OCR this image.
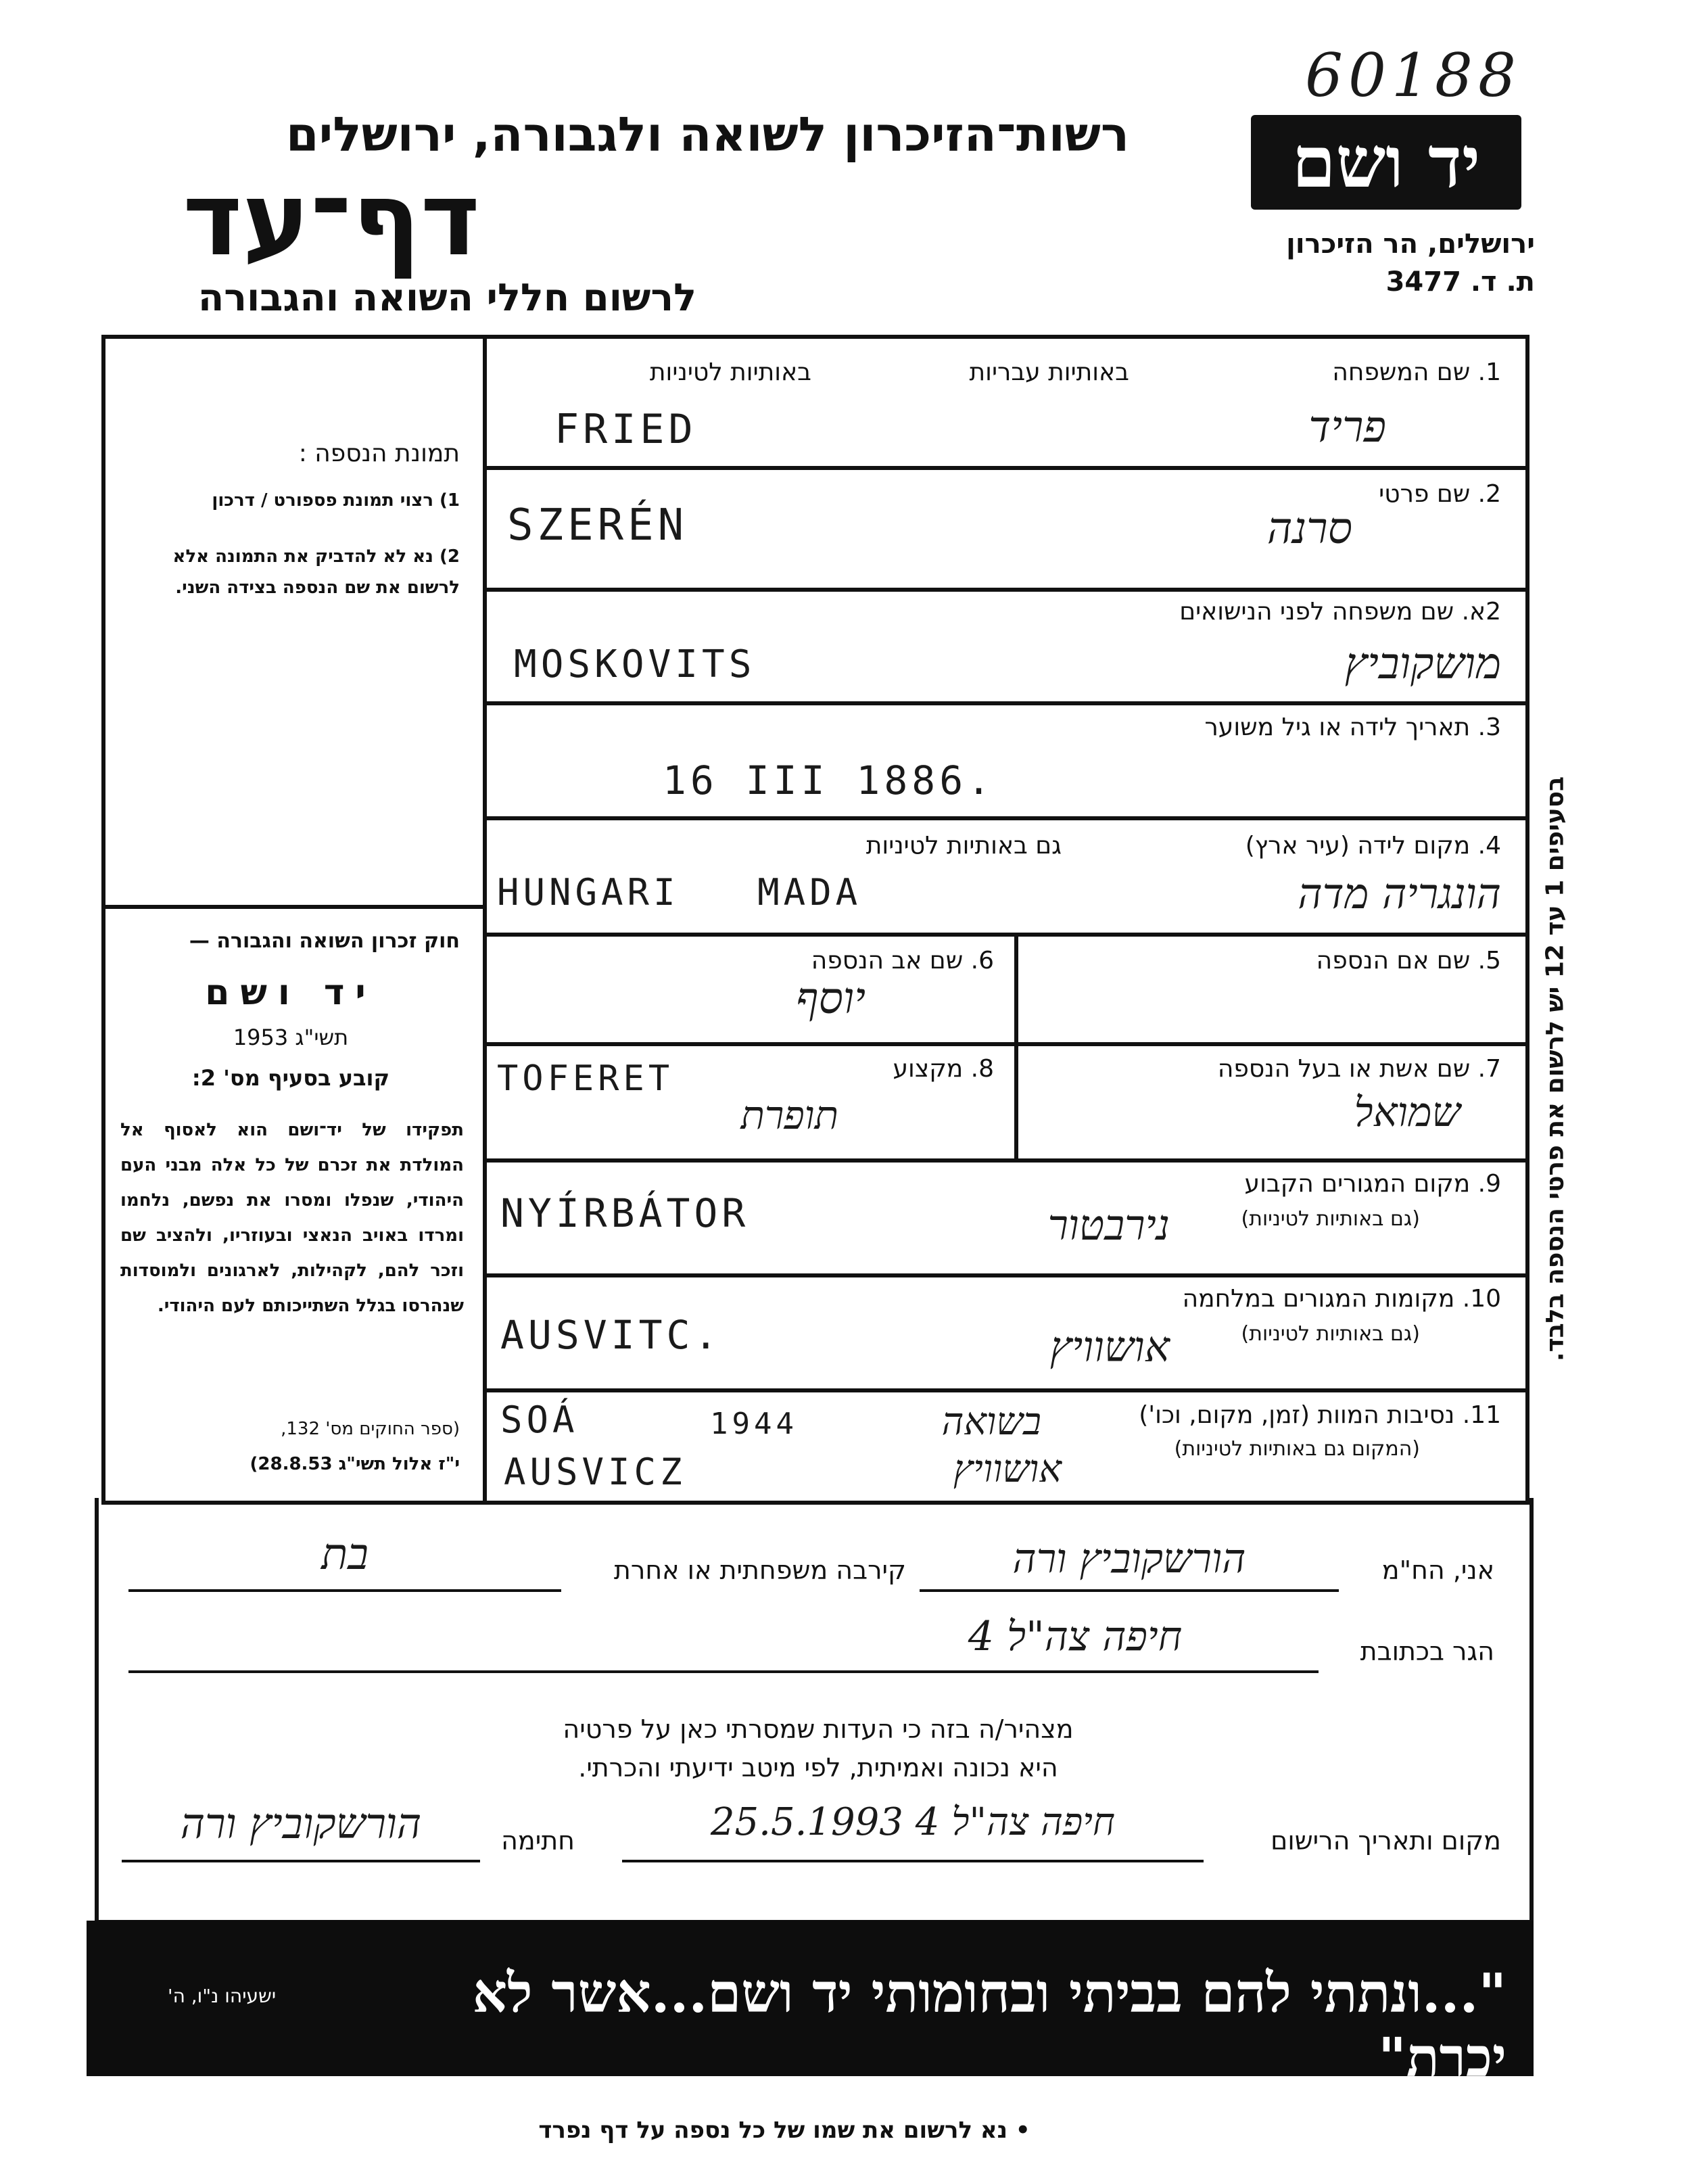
60188
יד ושם
רשות־הזיכרון לשואה ולגבורה, ירושלים
דף־עד
לרשום חללי השואה והגבורה
ירושלים, הר הזיכרון
ת. ד. 3477
תמונת הנספה :
1) רצוי תמונת פספורט / דרכון
2) נא לא להדביק את התמונה אלא לרשום את שם הנספה בצידה השני.
חוק זכרון השואה והגבורה —
יד ושם
תשי"ג 1953
קובע בסעיף מס' 2:
תפקידו של יד־ושם הוא לאסוף אל המולדת את זכרם של כל אלה מבני העם היהודי, שנפלו ומסרו את נפשם, נלחמו ומרדו באויב הנאצי ובעוזריו, ולהציב שם וזכר להם, לקהילות, לארגונים ולמוסדות שנהרסו בגלל השתייכותם לעם היהודי.
(ספר החוקים מס' 132,
י"ז אלול תשי"ג 28.8.53)
1. שם המשפחה
באותיות עבריות
באותיות לטיניות
FRIED	פריד
2. שם פרטי
SZERÉN	סרנה
2א. שם משפחה לפני הנישואים
MOSKOVITS	מושקוביץ
3. תאריך לידה או גיל משוער
16 III 1886.
4. מקום לידה (עיר ארץ)
גם באותיות לטיניות
HUNGARI   MADA	הונגריה מדה
5. שם אם הנספה
6. שם אב הנספה
יוסף
7. שם אשת או בעל הנספה
שמואל
8. מקצוע
TOFERET
תופרת
9. מקום המגורים הקבוע
(גם באותיות לטיניות)
NYÍRBÁTOR	נירבטור
10. מקומות המגורים במלחמה
(גם באותיות לטיניות)
AUSVITC.	אושוויץ
11. נסיבות המוות (זמן, מקום, וכו')
(המקום גם באותיות לטיניות)
SOÁ	1944	בשואה
AUSVICZ	אושוויץ
בסעיפים 1 עד 12 יש לרשום את פרטי הנספה בלבד.
אני, הח"מ
הורשקוביץ ורה
קירבה משפחתית או אחרת
בת
הגר בכתובת
חיפה צה"ל 4
מצהיר/ה בזה כי העדות שמסרתי כאן על פרטיה
היא נכונה ואמיתית, לפי מיטב ידיעתי והכרתי.
מקום ותאריך הרישום
חיפה צה"ל 4 25.5.1993
חתימה
הורשקוביץ ורה
"...ונתתי להם בביתי ובחומותי יד ושם...אשר לא יכרת"
ישעיהו נ"ו, ה'
• נא לרשום את שמו של כל נספה על דף נפרד
